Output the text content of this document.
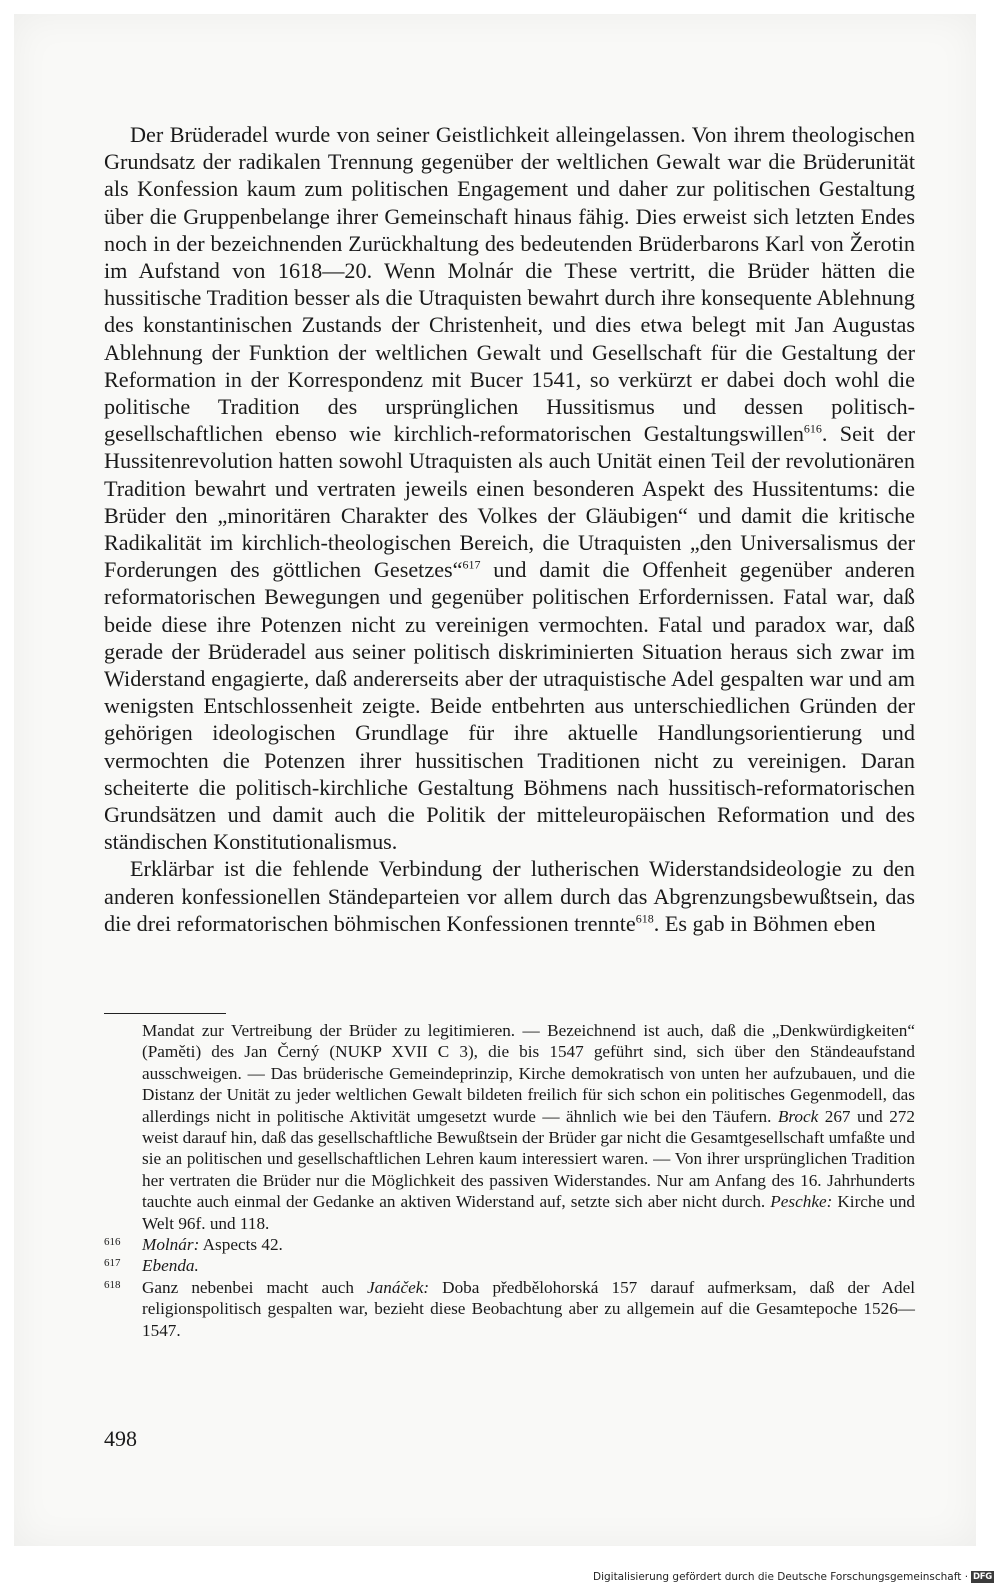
Der Brüderadel wurde von seiner Geistlichkeit alleingelassen. Von ihrem theologischen Grundsatz der radikalen Trennung gegenüber der weltlichen Gewalt war die Brüderunität als Konfession kaum zum politischen Engagement und daher zur politischen Gestaltung über die Gruppenbelange ihrer Gemeinschaft hinaus fähig. Dies erweist sich letzten Endes noch in der bezeichnenden Zurückhaltung des bedeutenden Brüderbarons Karl von Žerotin im Aufstand von 1618—20. Wenn Molnár die These vertritt, die Brüder hätten die hussitische Tradition besser als die Utraquisten bewahrt durch ihre konsequente Ablehnung des konstantinischen Zustands der Christenheit, und dies etwa belegt mit Jan Augustas Ablehnung der Funktion der weltlichen Gewalt und Gesellschaft für die Gestaltung der Reformation in der Korrespondenz mit Bucer 1541, so verkürzt er dabei doch wohl die politische Tradition des ursprünglichen Hussitismus und dessen politisch-gesellschaftlichen ebenso wie kirchlich-reformatorischen Gestaltungswillen$^{616}$. Seit der Hussitenrevolution hatten sowohl Utraquisten als auch Unität einen Teil der revolutionären Tradition bewahrt und vertraten jeweils einen besonderen Aspekt des Hussitentums: die Brüder den „minoritären Charakter des Volkes der Gläubigen“ und damit die kritische Radikalität im kirchlich-theologischen Bereich, die Utraquisten „den Universalismus der Forderungen des göttlichen Gesetzes“$^{617}$ und damit die Offenheit gegenüber anderen reformatorischen Bewegungen und gegenüber politischen Erfordernissen. Fatal war, daß beide diese ihre Potenzen nicht zu vereinigen vermochten. Fatal und paradox war, daß gerade der Brüderadel aus seiner politisch diskriminierten Situation heraus sich zwar im Widerstand engagierte, daß andererseits aber der utraquistische Adel gespalten war und am wenigsten Entschlossenheit zeigte. Beide entbehrten aus unterschiedlichen Gründen der gehörigen ideologischen Grundlage für ihre aktuelle Handlungsorientierung und vermochten die Potenzen ihrer hussitischen Traditionen nicht zu vereinigen. Daran scheiterte die politisch-kirchliche Gestaltung Böhmens nach hussitisch-reformatorischen Grundsätzen und damit auch die Politik der mitteleuropäischen Reformation und des ständischen Konstitutionalismus.

Erklärbar ist die fehlende Verbindung der lutherischen Widerstandsideologie zu den anderen konfessionellen Ständeparteien vor allem durch das Abgrenzungsbewußtsein, das die drei reformatorischen böhmischen Konfessionen trennte$^{618}$. Es gab in Böhmen eben

Mandat zur Vertreibung der Brüder zu legitimieren. — Bezeichnend ist auch, daß die „Denkwürdigkeiten“ (Paměti) des Jan Černý (NUKP XVII C 3), die bis 1547 geführt sind, sich über den Ständeaufstand ausschweigen. — Das brüderische Gemeindeprinzip, Kirche demokratisch von unten her aufzubauen, und die Distanz der Unität zu jeder weltlichen Gewalt bildeten freilich für sich schon ein politisches Gegenmodell, das allerdings nicht in politische Aktivität umgesetzt wurde — ähnlich wie bei den Täufern. Brock 267 und 272 weist darauf hin, daß das gesellschaftliche Bewußtsein der Brüder gar nicht die Gesamtgesellschaft umfaßte und sie an politischen und gesellschaftlichen Lehren kaum interessiert waren. — Von ihrer ursprünglichen Tradition her vertraten die Brüder nur die Möglichkeit des passiven Widerstandes. Nur am Anfang des 16. Jahrhunderts tauchte auch einmal der Gedanke an aktiven Widerstand auf, setzte sich aber nicht durch. Peschke: Kirche und Welt 96f. und 118.
616	Molnár: Aspects 42.
617	Ebenda.
618	Ganz nebenbei macht auch Janáček: Doba předbělohorská 157 darauf aufmerksam, daß der Adel religionspolitisch gespalten war, bezieht diese Beobachtung aber zu allgemein auf die Gesamtepoche 1526—1547.
498
Digitalisierung gefördert durch die Deutsche Forschungsgemeinschaft · DFG
